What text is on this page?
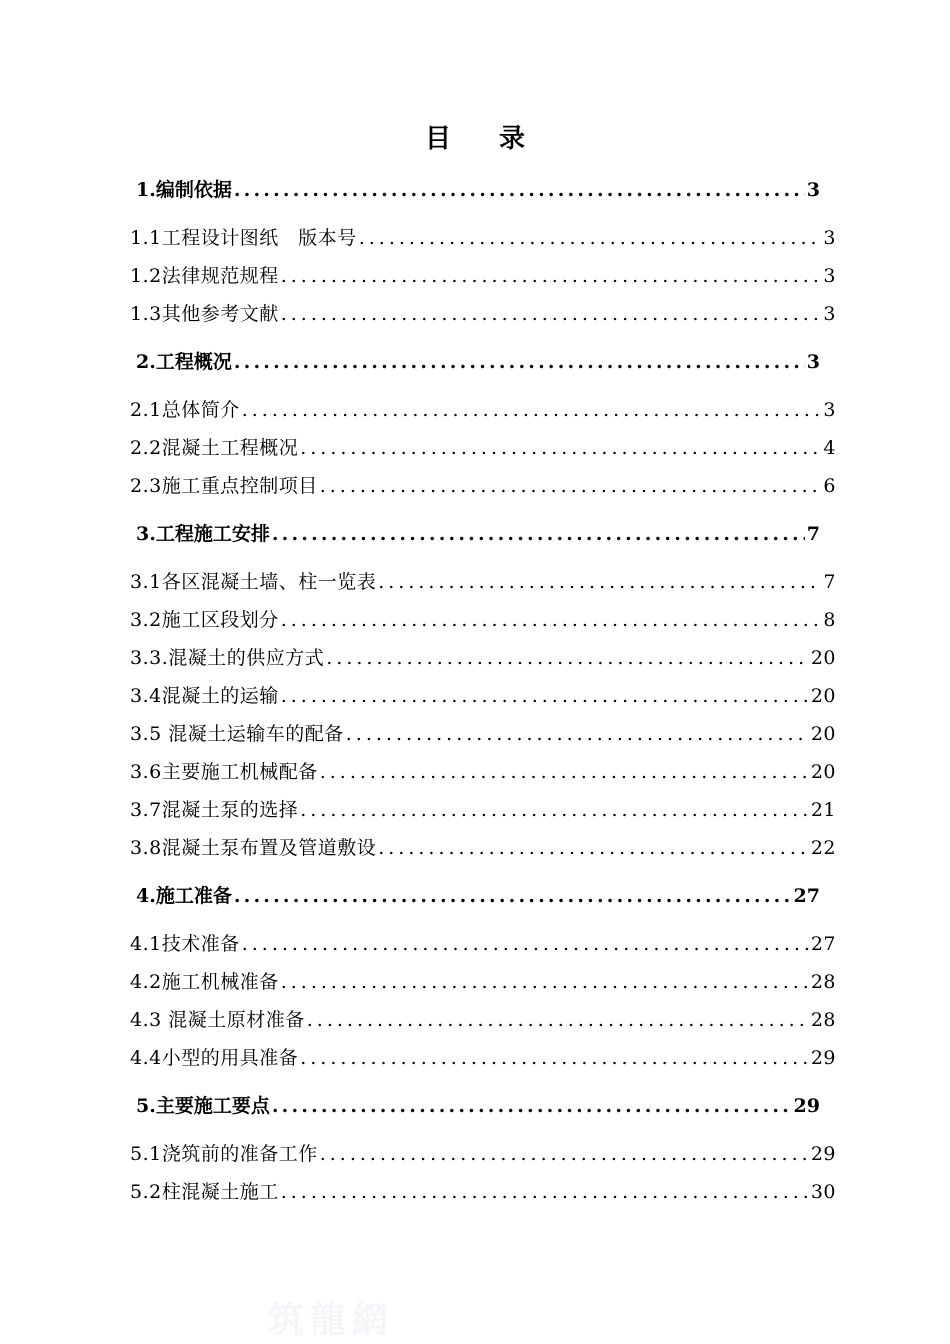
目录
1.编制依据 .....	3
1.1工程设计图纸　版本号 .....	3
1.2法律规范规程 .....	3
1.3其他参考文献 .....	3
2.工程概况 .....	3
2.1总体简介 .....	3
2.2混凝土工程概况 .....	4
2.3施工重点控制项目 .....	6
3.工程施工安排 .....	7
3.1各区混凝土墙、柱一览表 .....	7
3.2施工区段划分 .....	8
3.3.混凝土的供应方式 .....	20
3.4混凝土的运输 .....	20
3.5 混凝土运输车的配备 .....	20
3.6主要施工机械配备 .....	20
3.7混凝土泵的选择 .....	21
3.8混凝土泵布置及管道敷设 .....	22
4.施工准备 .....	27
4.1技术准备 .....	27
4.2施工机械准备 .....	28
4.3 混凝土原材准备 .....	28
4.4小型的用具准备 .....	29
5.主要施工要点 .....	29
5.1浇筑前的准备工作 .....	29
5.2柱混凝土施工 .....	30
筑龍網
